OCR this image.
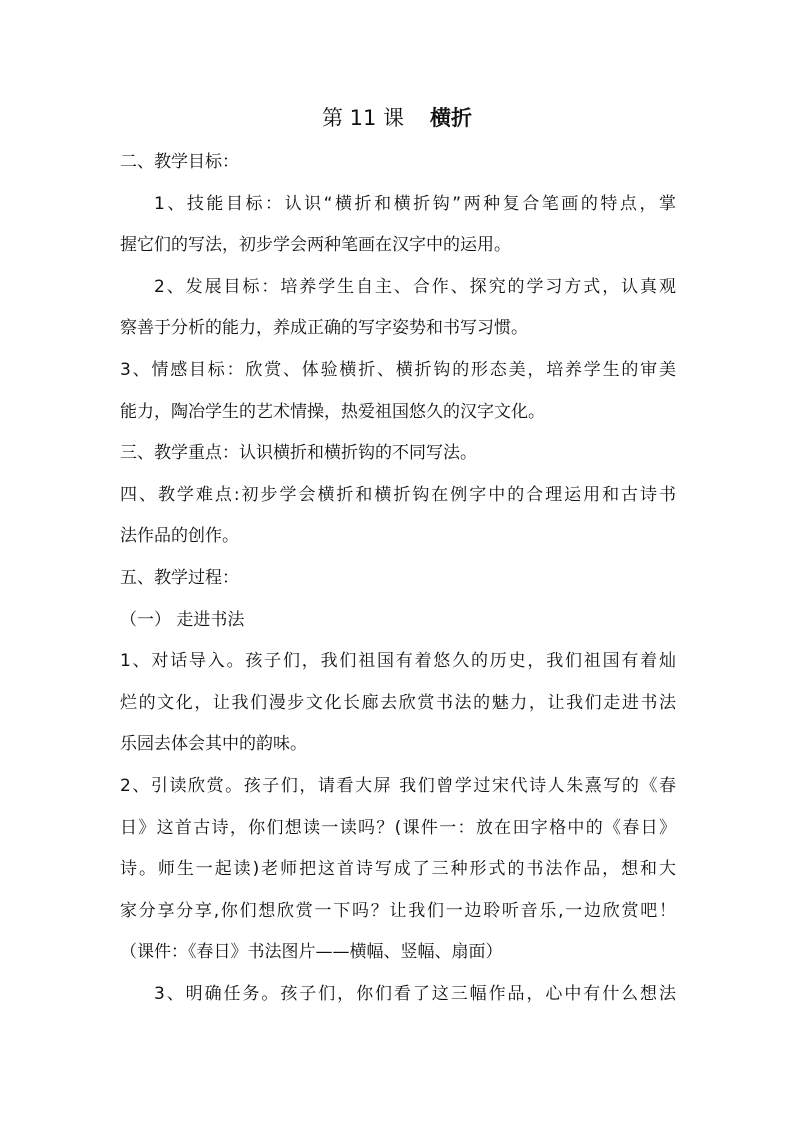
第 11 课 横折
二、教学目标：
1、技能目标：认识“横折和横折钩”两种复合笔画的特点，掌
握它们的写法，初步学会两种笔画在汉字中的运用。
2、发展目标：培养学生自主、合作、探究的学习方式，认真观
察善于分析的能力，养成正确的写字姿势和书写习惯。
3、情感目标：欣赏、体验横折、横折钩的形态美，培养学生的审美
能力，陶冶学生的艺术情操，热爱祖国悠久的汉字文化。
三、教学重点：认识横折和横折钩的不同写法。
四、教学难点:初步学会横折和横折钩在例字中的合理运用和古诗书
法作品的创作。
五、教学过程：
（一） 走进书法
1、对话导入。孩子们，我们祖国有着悠久的历史，我们祖国有着灿
烂的文化，让我们漫步文化长廊去欣赏书法的魅力，让我们走进书法
乐园去体会其中的韵味。
2、引读欣赏。孩子们，请看大屏 我们曾学过宋代诗人朱熹写的《春
日》这首古诗，你们想读一读吗？(课件一：放在田字格中的《春日》
诗。师生一起读)老师把这首诗写成了三种形式的书法作品，想和大
家分享分享,你们想欣赏一下吗？让我们一边聆听音乐,一边欣赏吧！
（课件：《春日》书法图片——横幅、竖幅、扇面）
3、明确任务。孩子们，你们看了这三幅作品，心中有什么想法
